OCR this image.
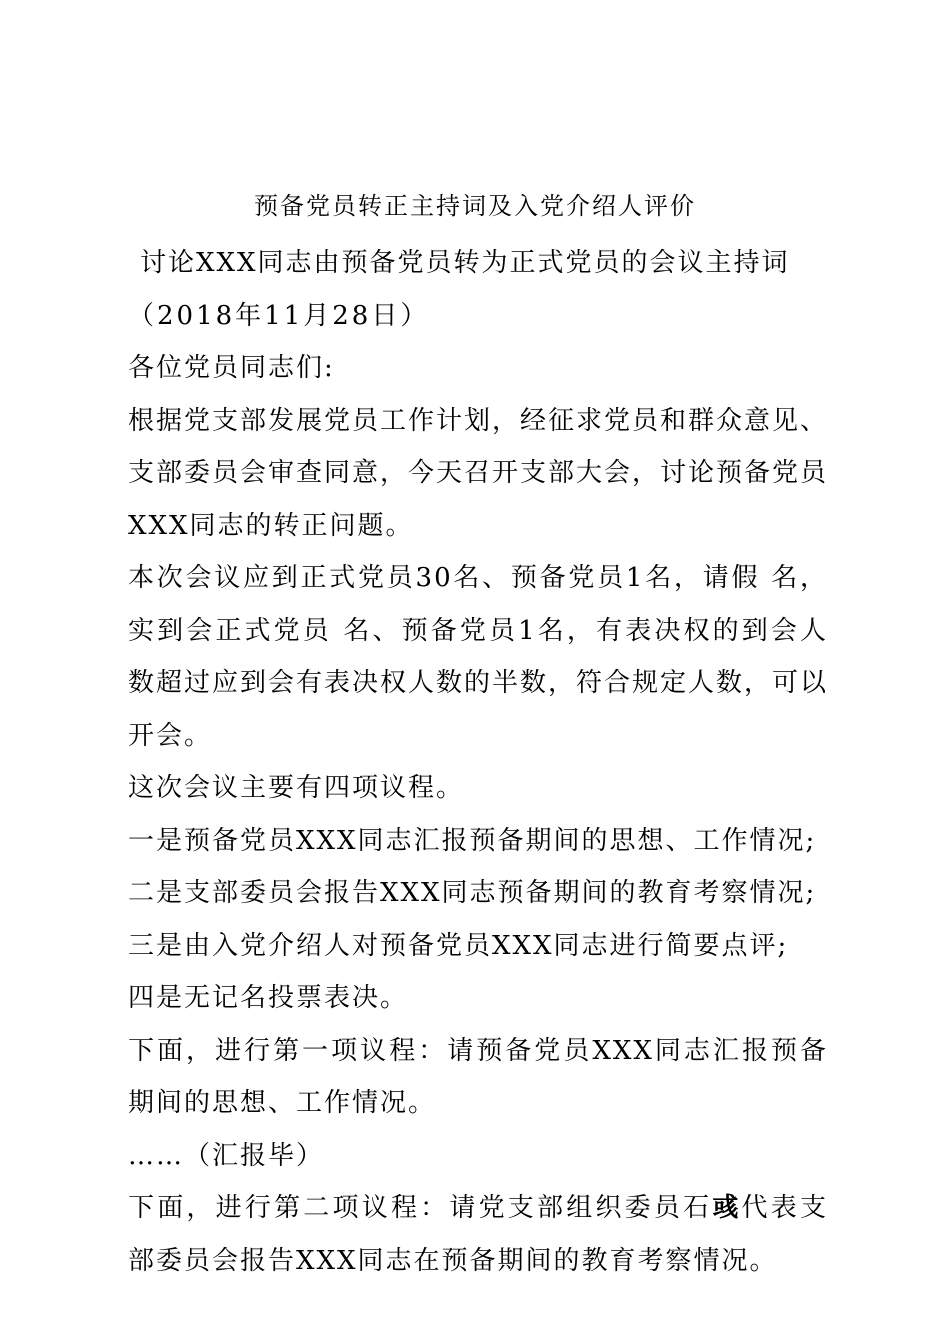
预备党员转正主持词及入党介绍人评价

讨论XXX同志由预备党员转为正式党员的会议主持词

（2018年11月28日）

各位党员同志们:

根据党支部发展党员工作计划，经征求党员和群众意见、支部委员会审查同意，今天召开支部大会，讨论预备党员XXX同志的转正问题。

本次会议应到正式党员30名、预备党员1名，请假 名，实到会正式党员 名、预备党员1名，有表决权的到会人数超过应到会有表决权人数的半数，符合规定人数，可以开会。

这次会议主要有四项议程。

一是预备党员XXX同志汇报预备期间的思想、工作情况;

二是支部委员会报告XXX同志预备期间的教育考察情况;

三是由入党介绍人对预备党员XXX同志进行简要点评;

四是无记名投票表决。

下面，进行第一项议程：请预备党员XXX同志汇报预备期间的思想、工作情况。

……（汇报毕）

下面，进行第二项议程：请党支部组织委员石彧代表支部委员会报告XXX同志在预备期间的教育考察情况。
